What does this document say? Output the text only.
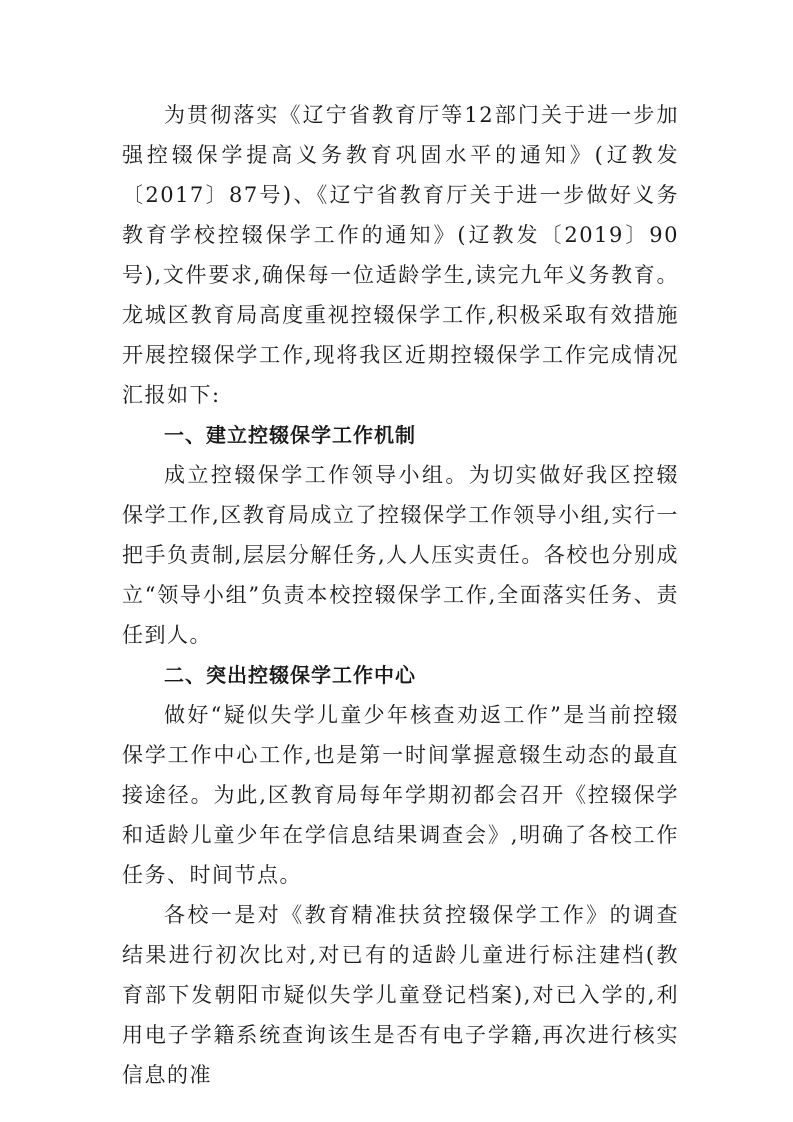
为贯彻落实《辽宁省教育厅等12部门关于进一步加强控辍保学提高义务教育巩固水平的通知》(辽教发〔2017〕87号)、《辽宁省教育厅关于进一步做好义务教育学校控辍保学工作的通知》(辽教发〔2019〕90号),文件要求,确保每一位适龄学生,读完九年义务教育。龙城区教育局高度重视控辍保学工作,积极采取有效措施开展控辍保学工作,现将我区近期控辍保学工作完成情况汇报如下:

一、建立控辍保学工作机制

成立控辍保学工作领导小组。为切实做好我区控辍保学工作,区教育局成立了控辍保学工作领导小组,实行一把手负责制,层层分解任务,人人压实责任。各校也分别成立“领导小组”负责本校控辍保学工作,全面落实任务、责任到人。

二、突出控辍保学工作中心

做好“疑似失学儿童少年核查劝返工作”是当前控辍保学工作中心工作,也是第一时间掌握意辍生动态的最直接途径。为此,区教育局每年学期初都会召开《控辍保学和适龄儿童少年在学信息结果调查会》,明确了各校工作任务、时间节点。

各校一是对《教育精准扶贫控辍保学工作》的调查结果进行初次比对,对已有的适龄儿童进行标注建档(教育部下发朝阳市疑似失学儿童登记档案),对已入学的,利用电子学籍系统查询该生是否有电子学籍,再次进行核实信息的准
